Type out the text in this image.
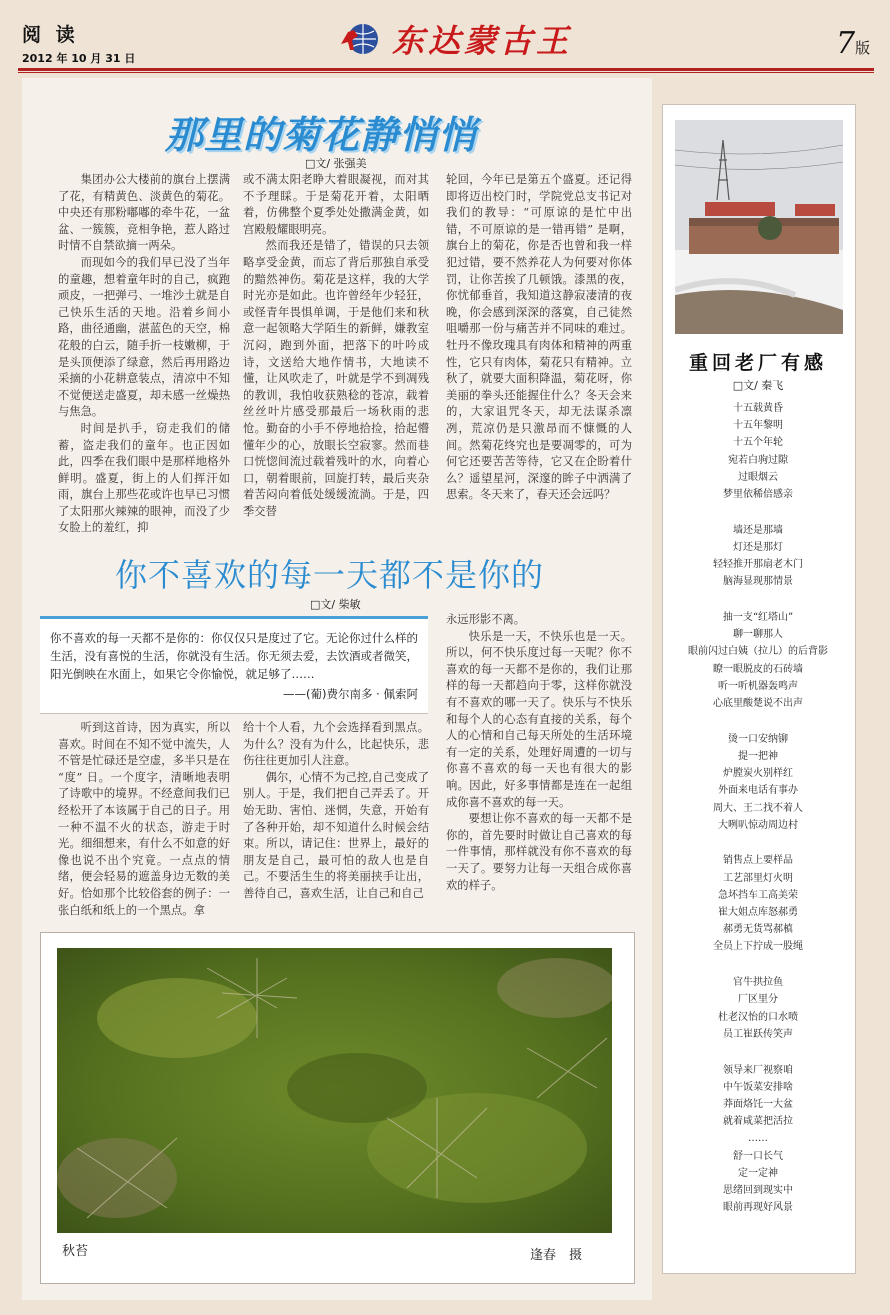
阅 读
2012 年 10 月 31 日	东达蒙古王	7版
那里的菊花静悄悄
□文/ 张强美

集团办公大楼前的旗台上摆满了花，有精黄色、淡黄色的菊花。中央还有那粉嘟嘟的牵牛花，一盆盆、一簇簇，竞相争艳，惹人路过时情不自禁欲摘一两朵。

而现如今的我们早已没了当年的童趣，想着童年时的自己，疯跑顽皮，一把弹弓、一堆沙土就是自己快乐生活的天地。沿着乡间小路，曲径通幽，湛蓝色的天空，棉花般的白云，随手折一枝嫩柳，于是头顶便添了绿意，然后再用路边采摘的小花耕意装点，清凉中不知不觉便送走盛夏，却未感一丝燥热与焦急。

时间是扒手，窃走我们的储蓄，盗走我们的童年。也正因如此，四季在我们眼中是那样地格外鲜明。盛夏，街上的人们挥汗如雨，旗台上那些花或许也早已习惯了太阳那火辣辣的眼神，而没了少女脸上的羞红，抑

或不满太阳老睁大着眼凝视，而对其不予理睬。于是菊花开着，太阳晒着，仿佛整个夏季处处撒满金黄，如宫殿般耀眼明亮。

然而我还是错了，错误的只去领略享受金黄，而忘了背后那独自承受的黯然神伤。菊花是这样，我的大学时光亦是如此。也许曾经年少轻狂，或怪青年畏惧单调，于是他们来和秋意一起领略大学陌生的新鲜，嫌教室沉闷，跑到外面，把落下的叶吟成诗，文送给大地作情书，大地读不懂，让风吹走了，叶就是学不到凋残的教训，我怕收获熟稔的苍凉，载着丝丝叶片感受那最后一场秋雨的悲怆。勤奋的小手不停地拾捡，拾起懵懂年少的心，放眼长空寂寥。然而巷口恍惚间流过载着残叶的水，向着心口，朝着眼前，回旋打转，最后夹杂着苦闷向着低处缓缓流淌。于是，四季交替

轮回，今年已是第五个盛夏。还记得即将迈出校门时，学院党总支书记对我们的教导：“可原谅的是忙中出错，不可原谅的是一错再错” 是啊，旗台上的菊花，你是否也曾和我一样犯过错，要不然养花人为何要对你体罚，让你苦挨了几顿饿。漆黑的夜，你忧郁垂首，我知道这静寂凄清的夜晚，你会感到深深的落寞，自己徒然咀嚼那一份与痛苦并不同味的难过。牡丹不像玫瑰具有肉体和精神的两重性，它只有肉体，菊花只有精神。立秋了，就要大面积降温，菊花呀，你美丽的拳头还能握住什么？冬天会来的，大家诅咒冬天，却无法谋杀凛冽，荒凉仍是只激昂而不慷慨的人间。然菊花终究也是要凋零的，可为何它还要苦苦等待，它又在企盼着什么？遥望星河，深邃的眸子中洒满了思索。冬天来了，春天还会远吗？

你不喜欢的每一天都不是你的
□文/ 柴敏
你不喜欢的每一天都不是你的：你仅仅只是度过了它。无论你过什么样的生活，没有喜悦的生活，你就没有生活。你无须去爱，去饮酒或者微笑，阳光倒映在水面上，如果它令你愉悦，就足够了……
——(葡)费尔南多 · 佩索阿

听到这首诗，因为真实，所以喜欢。时间在不知不觉中流失，人不管是忙碌还是空虚，多半只是在 “度” 日。一个度字，清晰地表明了诗歌中的境界。不经意间我们已经松开了本该属于自己的日子。用一种不温不火的状态，游走于时光。细细想来，有什么不如意的好像也说不出个究竟。一点点的情绪，便会轻易的遮盖身边无数的美好。恰如那个比较俗套的例子：一张白纸和纸上的一个黑点。拿

给十个人看，九个会选择看到黑点。为什么？没有为什么，比起快乐，悲伤往往更加引人注意。

偶尔，心情不为己控,自己变成了别人。于是，我们把自己弄丢了。开始无助、害怕、迷惘，失意，开始有了各种开始，却不知道什么时候会结束。所以，请记住：世界上，最好的朋友是自己，最可怕的敌人也是自己。不要活生生的将美丽挟手让出，善待自己，喜欢生活，让自己和自己

永远形影不离。

快乐是一天，不快乐也是一天。所以，何不快乐度过每一天呢？你不喜欢的每一天都不是你的，我们让那样的每一天都趋向于零，这样你就没有不喜欢的哪一天了。快乐与不快乐和每个人的心态有直接的关系，每个人的心情和自己每天所处的生活环境有一定的关系，处理好周遭的一切与你喜不喜欢的每一天也有很大的影响。因此，好多事情都是连在一起组成你喜不喜欢的每一天。

要想让你不喜欢的每一天都不是你的，首先要时时做让自己喜欢的每一件事情，那样就没有你不喜欢的每一天了。要努力让每一天组合成你喜欢的样子。

秋苔	逢春　摄
重回老厂有感
□文/ 秦飞
十五载黄昏
十五年黎明
十五个年轮
宛若白驹过隙
过眼烟云
梦里依稀倍感亲
墙还是那墙
灯还是那灯
轻轻推开那扇老木门
脑海显现那情景
抽一支“红塔山”
聊一聊那人
眼前闪过白姨（拉儿）的后背影
瞭一眼脱皮的石砖墙
听一听机器轰鸣声
心底里酸楚说不出声
烫一口安纳铆
提一把神
炉膛炭火别样红
外面来电话有事办
周大、王二找不着人
大咧叭惊动周边村
销售点上要样品
工艺部里灯火明
急坏挡车工高美荣
崔大姐点库怒郝勇
郝勇无货骂郝槙
全员上下拧成一股绳
官牛拱拉鱼
厂区里分
杜老汉怡的口水喷
员工崔跃传笑声
领导来厂视察咱
中午饭菜安排啥
莽面烙饦一大盆
就着咸菜把活拉
……
舒一口长气
定一定神
思绪回到现实中
眼前再现好风景
